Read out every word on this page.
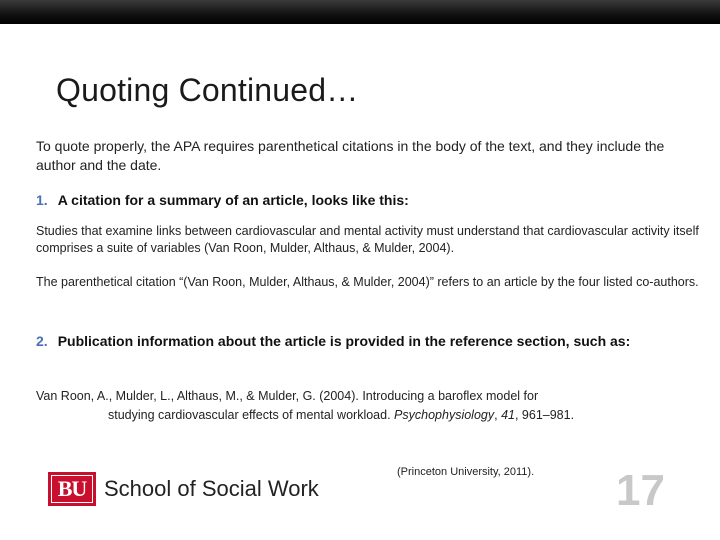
Quoting Continued…
To quote properly, the APA requires parenthetical citations in the body of the text, and they include the author and the date.
1. A citation for a summary of an article, looks like this:
Studies that examine links between cardiovascular and mental activity must understand that cardiovascular activity itself comprises a suite of variables (Van Roon, Mulder, Althaus, & Mulder, 2004).
The parenthetical citation “(Van Roon, Mulder, Althaus, & Mulder, 2004)” refers to an article by the four listed co-authors.
2. Publication information about the article is provided in the reference section, such as:
Van Roon, A., Mulder, L., Althaus, M., & Mulder, G. (2004). Introducing a baroflex model for
studying cardiovascular effects of mental workload. Psychophysiology, 41, 961–981.
BU School of Social Work
(Princeton University, 2011). 17
